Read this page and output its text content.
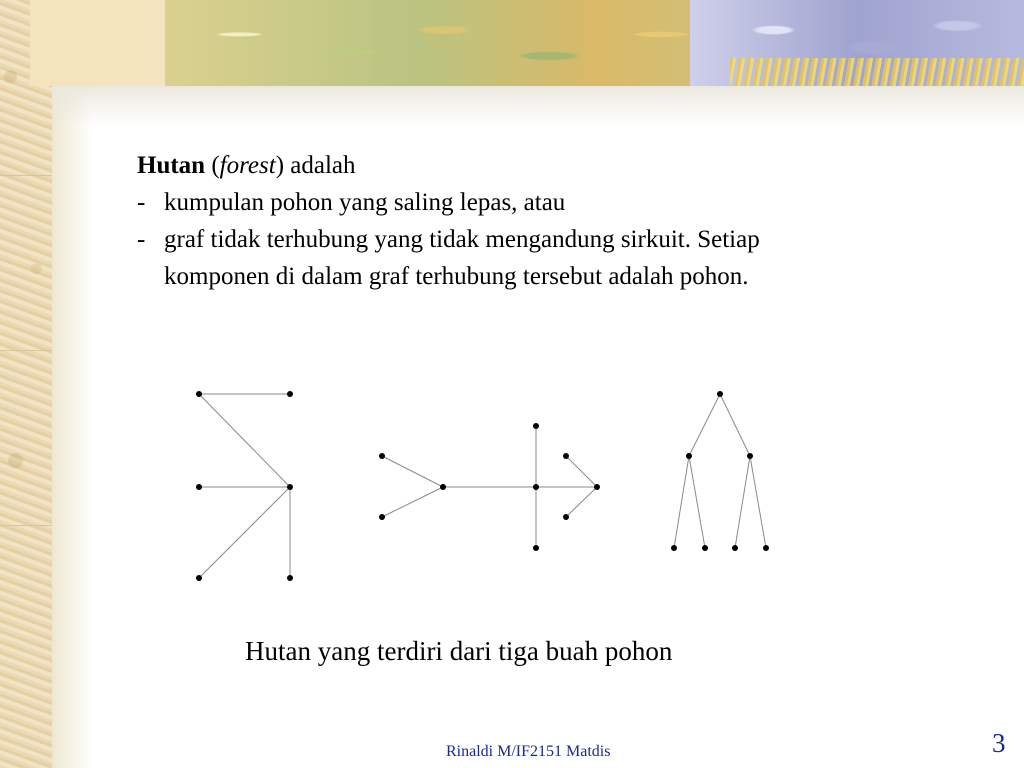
Hutan (forest) adalah
- kumpulan pohon yang saling lepas, atau
- graf tidak terhubung yang tidak mengandung sirkuit. Setiap
komponen di dalam graf terhubung tersebut adalah pohon.
Hutan yang terdiri dari tiga buah pohon
Rinaldi M/IF2151 Matdis	3
